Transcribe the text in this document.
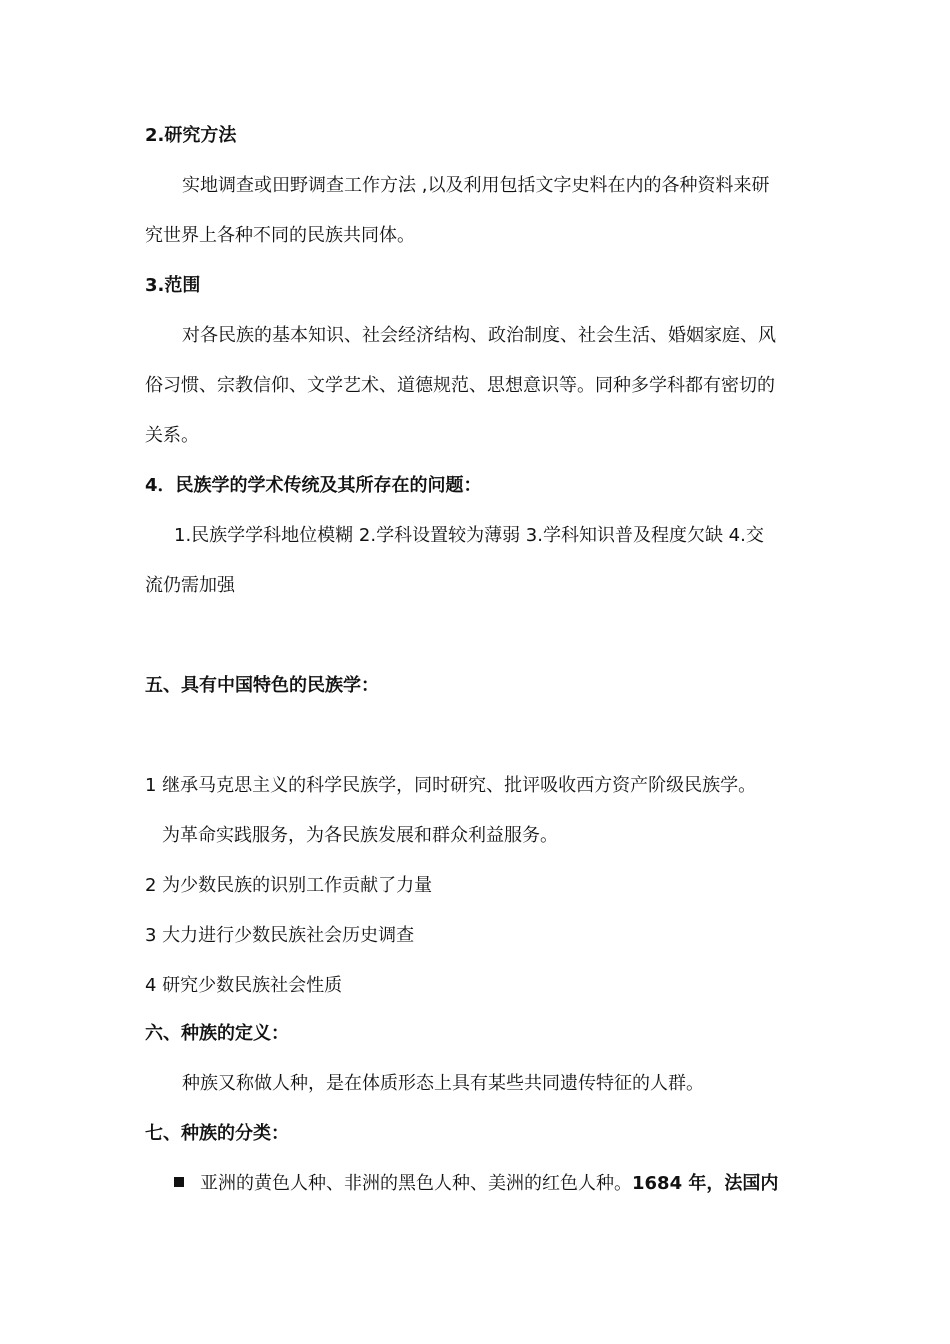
2.研究方法
实地调查或田野调查工作方法 ,以及利用包括文字史料在内的各种资料来研
究世界上各种不同的民族共同体。
3.范围
对各民族的基本知识、社会经济结构、政治制度、社会生活、婚姻家庭、风
俗习惯、宗教信仰、文学艺术、道德规范、思想意识等。同种多学科都有密切的
关系。
4．民族学的学术传统及其所存在的问题：
1.民族学学科地位模糊 2.学科设置较为薄弱 3.学科知识普及程度欠缺 4.交
流仍需加强
五、具有中国特色的民族学：
1 继承马克思主义的科学民族学，同时研究、批评吸收西方资产阶级民族学。
为革命实践服务，为各民族发展和群众利益服务。
2 为少数民族的识别工作贡献了力量
3 大力进行少数民族社会历史调查
4 研究少数民族社会性质
六、种族的定义：
种族又称做人种，是在体质形态上具有某些共同遗传特征的人群。
七、种族的分类：
亚洲的黄色人种、非洲的黑色人种、美洲的红色人种。1684 年，法国内
